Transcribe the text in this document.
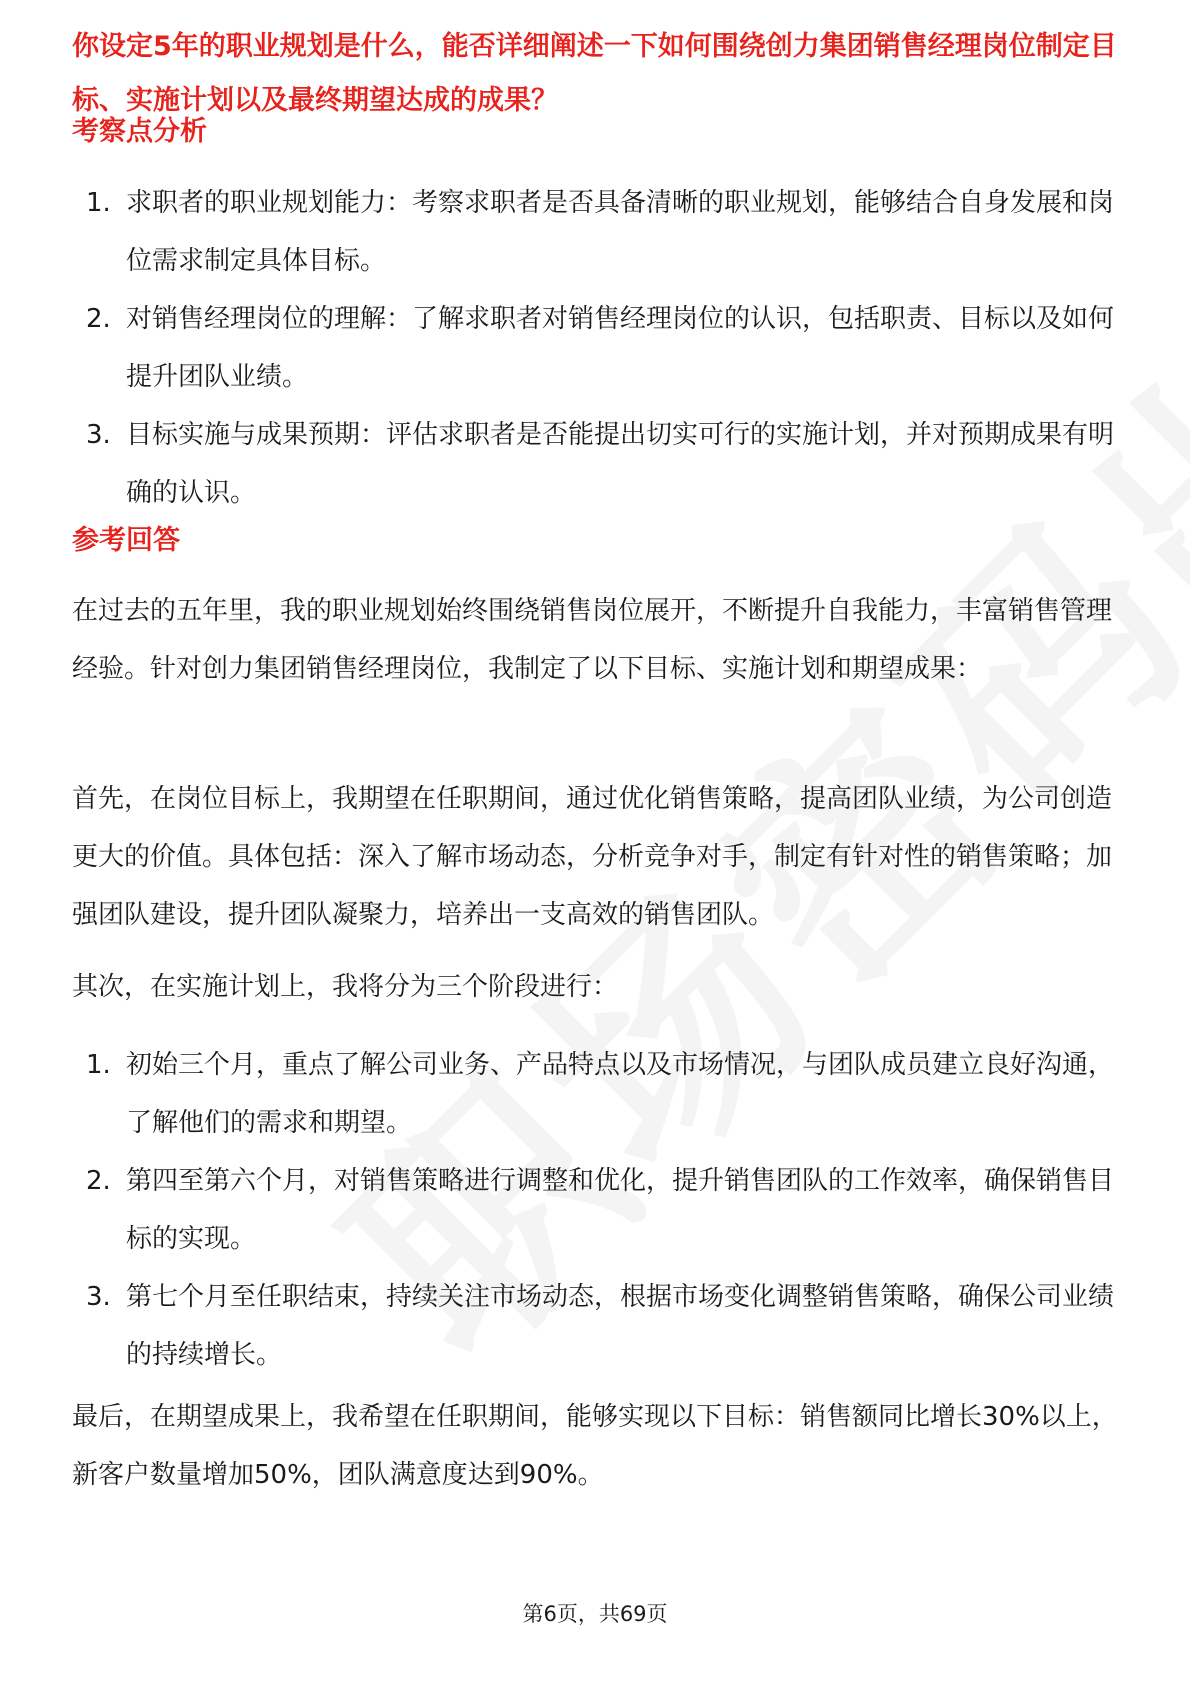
你设定5年的职业规划是什么，能否详细阐述一下如何围绕创力集团销售经理岗位制定目标、实施计划以及最终期望达成的成果？

考察点分析
1. 求职者的职业规划能力：考察求职者是否具备清晰的职业规划，能够结合自身发展和岗位需求制定具体目标。
2. 对销售经理岗位的理解：了解求职者对销售经理岗位的认识，包括职责、目标以及如何提升团队业绩。
3. 目标实施与成果预期：评估求职者是否能提出切实可行的实施计划，并对预期成果有明确的认识。
参考回答

在过去的五年里，我的职业规划始终围绕销售岗位展开，不断提升自我能力，丰富销售管理经验。针对创力集团销售经理岗位，我制定了以下目标、实施计划和期望成果：

首先，在岗位目标上，我期望在任职期间，通过优化销售策略，提高团队业绩，为公司创造更大的价值。具体包括：深入了解市场动态，分析竞争对手，制定有针对性的销售策略；加强团队建设，提升团队凝聚力，培养出一支高效的销售团队。

其次，在实施计划上，我将分为三个阶段进行：

1. 初始三个月，重点了解公司业务、产品特点以及市场情况，与团队成员建立良好沟通，了解他们的需求和期望。
2. 第四至第六个月，对销售策略进行调整和优化，提升销售团队的工作效率，确保销售目标的实现。
3. 第七个月至任职结束，持续关注市场动态，根据市场变化调整销售策略，确保公司业绩的持续增长。

最后，在期望成果上，我希望在任职期间，能够实现以下目标：销售额同比增长30%以上，新客户数量增加50%，团队满意度达到90%。

第6页，共69页
